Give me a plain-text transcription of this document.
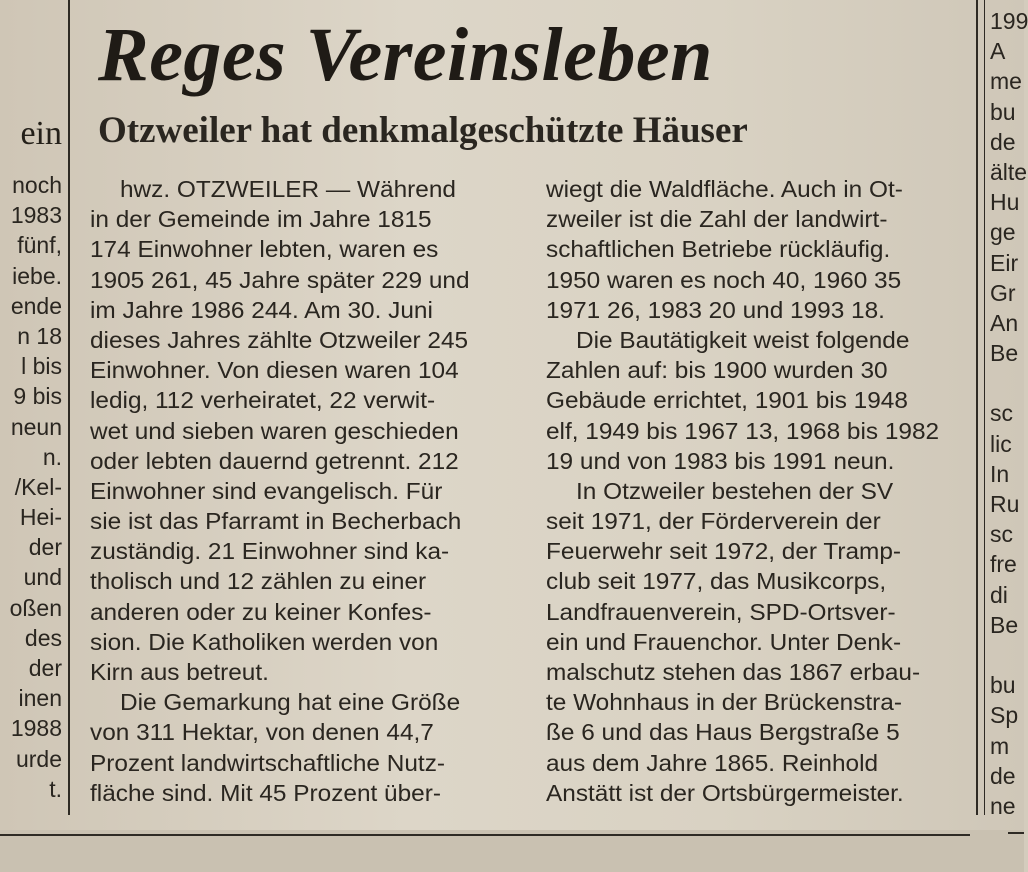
ein
noch
1983
fünf,
iebe.
ende
n 18
l bis
9 bis
neun
n.
/Kel-
Hei-
der
und
oßen
des
der
inen
1988
urde
t.
199
A
me
bu
de
älte
Hu
ge
Eir
Gr
An
Be
sc
lic
In
Ru
sc
fre
di
Be
bu
Sp
m
de
ne
Reges Vereinsleben
Otzweiler hat denkmalgeschützte Häuser
hwz. OTZWEILER — Während
in der Gemeinde im Jahre 1815
174 Einwohner lebten, waren es
1905 261, 45 Jahre später 229 und
im Jahre 1986 244. Am 30. Juni
dieses Jahres zählte Otzweiler 245
Einwohner. Von diesen waren 104
ledig, 112 verheiratet, 22 verwit-
wet und sieben waren geschieden
oder lebten dauernd getrennt. 212
Einwohner sind evangelisch. Für
sie ist das Pfarramt in Becherbach
zuständig. 21 Einwohner sind ka-
tholisch und 12 zählen zu einer
anderen oder zu keiner Konfes-
sion. Die Katholiken werden von
Kirn aus betreut.
Die Gemarkung hat eine Größe
von 311 Hektar, von denen 44,7
Prozent landwirtschaftliche Nutz-
fläche sind. Mit 45 Prozent über-
wiegt die Waldfläche. Auch in Ot-
zweiler ist die Zahl der landwirt-
schaftlichen Betriebe rückläufig.
1950 waren es noch 40, 1960 35
1971 26, 1983 20 und 1993 18.
Die Bautätigkeit weist folgende
Zahlen auf: bis 1900 wurden 30
Gebäude errichtet, 1901 bis 1948
elf, 1949 bis 1967 13, 1968 bis 1982
19 und von 1983 bis 1991 neun.
In Otzweiler bestehen der SV
seit 1971, der Förderverein der
Feuerwehr seit 1972, der Tramp-
club seit 1977, das Musikcorps,
Landfrauenverein, SPD-Ortsver-
ein und Frauenchor. Unter Denk-
malschutz stehen das 1867 erbau-
te Wohnhaus in der Brückenstra-
ße 6 und das Haus Bergstraße 5
aus dem Jahre 1865. Reinhold
Anstätt ist der Ortsbürgermeister.
